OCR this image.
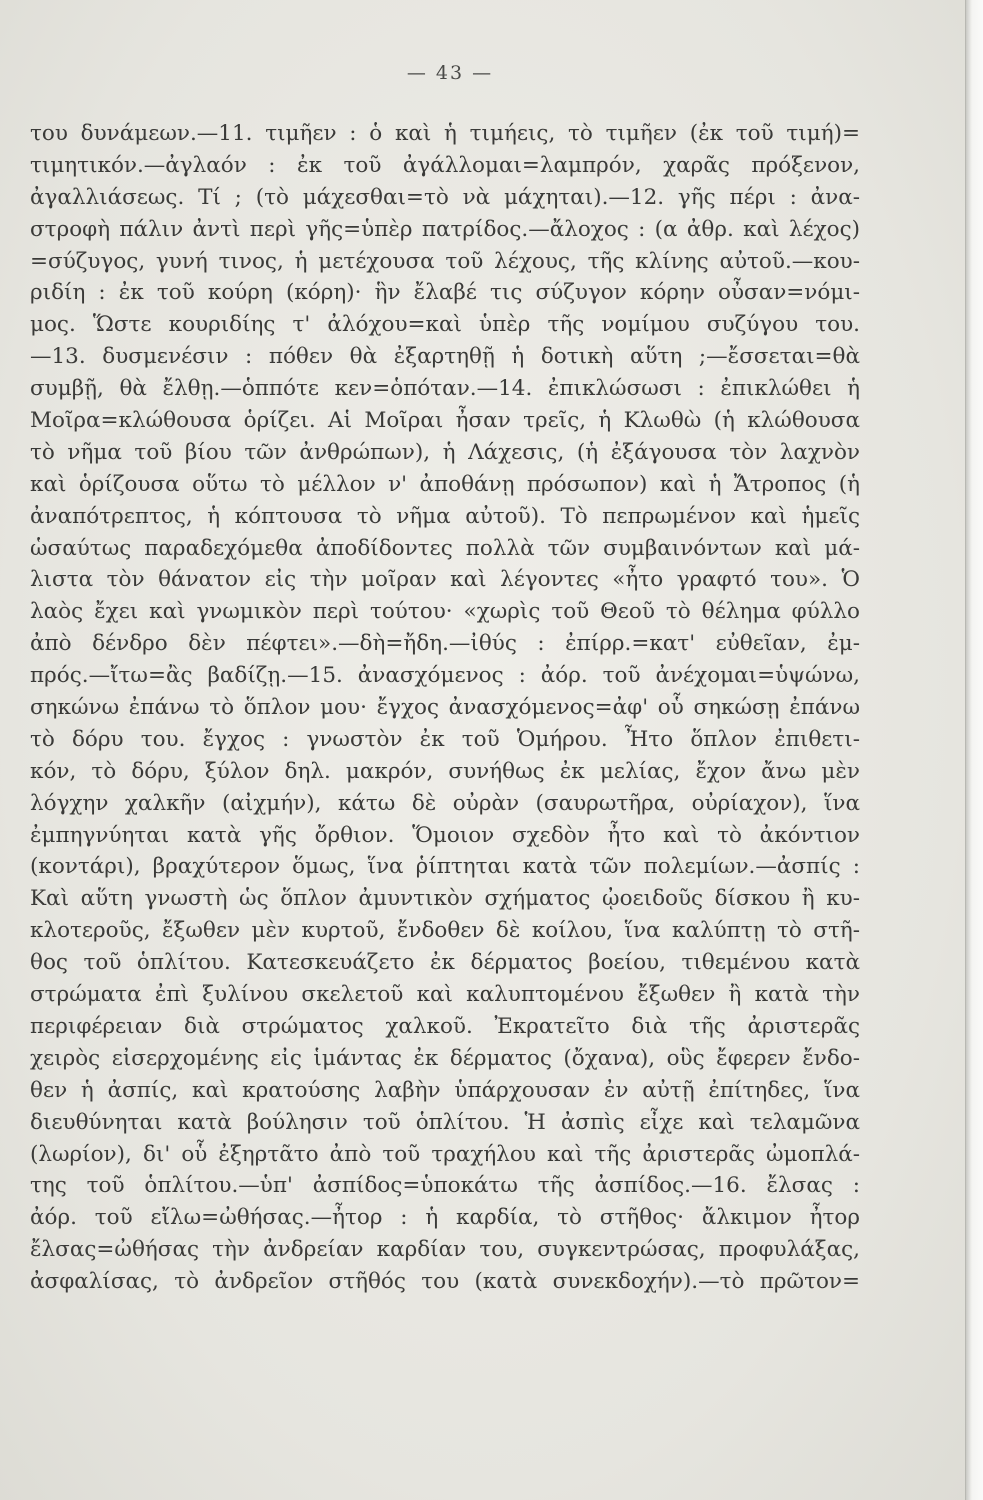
— 43 —
του δυνάμεων.—11. τιμῆεν : ὁ καὶ ἡ τιμήεις, τὸ τιμῆεν (ἐκ τοῦ τιμή)=
τιμητικόν.—ἀγλαόν : ἐκ τοῦ ἀγάλλομαι=λαμπρόν, χαρᾶς πρόξενον,
ἀγαλλιάσεως. Τί ; (τὸ μάχεσθαι=τὸ νὰ μάχηται).—12. γῆς πέρι : ἀνα-
στροφὴ πάλιν ἀντὶ περὶ γῆς=ὑπὲρ πατρίδος.—ἄλοχος : (α ἀθρ. καὶ λέχος)
=σύζυγος, γυνή τινος, ἡ μετέχουσα τοῦ λέχους, τῆς κλίνης αὐτοῦ.—κου-
ριδίη : ἐκ τοῦ κούρη (κόρη)· ἣν ἔλαβέ τις σύζυγον κόρην οὖσαν=νόμι-
μος. Ὥστε κουριδίης τ' ἀλόχου=καὶ ὑπὲρ τῆς νομίμου συζύγου του.
—13. δυσμενέσιν : πόθεν θὰ ἐξαρτηθῇ ἡ δοτικὴ αὕτη ;—ἔσσεται=θὰ
συμβῇ, θὰ ἔλθῃ.—ὁππότε κεν=ὁπόταν.—14. ἐπικλώσωσι : ἐπικλώθει ἡ
Μοῖρα=κλώθουσα ὁρίζει. Αἱ Μοῖραι ἦσαν τρεῖς, ἡ Κλωθὼ (ἡ κλώθουσα
τὸ νῆμα τοῦ βίου τῶν ἀνθρώπων), ἡ Λάχεσις, (ἡ ἐξάγουσα τὸν λαχνὸν
καὶ ὁρίζουσα οὕτω τὸ μέλλον ν' ἀποθάνῃ πρόσωπον) καὶ ἡ Ἄτροπος (ἡ
ἀναπότρεπτος, ἡ κόπτουσα τὸ νῆμα αὐτοῦ). Τὸ πεπρωμένον καὶ ἡμεῖς
ὡσαύτως παραδεχόμεθα ἀποδίδοντες πολλὰ τῶν συμβαινόντων καὶ μά-
λιστα τὸν θάνατον εἰς τὴν μοῖραν καὶ λέγοντες «ἦτο γραφτό του». Ὁ
λαὸς ἔχει καὶ γνωμικὸν περὶ τούτου· «χωρὶς τοῦ Θεοῦ τὸ θέλημα φύλλο
ἀπὸ δένδρο δὲν πέφτει».—δὴ=ἤδη.—ἰθύς : ἐπίρρ.=κατ' εὐθεῖαν, ἐμ-
πρός.—ἴτω=ἂς βαδίζῃ.—15. ἀνασχόμενος : ἀόρ. τοῦ ἀνέχομαι=ὑψώνω,
σηκώνω ἐπάνω τὸ ὅπλον μου· ἔγχος ἀνασχόμενος=ἀφ' οὗ σηκώσῃ ἐπάνω
τὸ δόρυ του. ἔγχος : γνωστὸν ἐκ τοῦ Ὁμήρου. Ἦτο ὅπλον ἐπιθετι-
κόν, τὸ δόρυ, ξύλον δηλ. μακρόν, συνήθως ἐκ μελίας, ἔχον ἄνω μὲν
λόγχην χαλκῆν (αἰχμήν), κάτω δὲ οὐρὰν (σαυρωτῆρα, οὐρίαχον), ἵνα
ἐμπηγνύηται κατὰ γῆς ὄρθιον. Ὅμοιον σχεδὸν ἦτο καὶ τὸ ἀκόντιον
(κοντάρι), βραχύτερον ὅμως, ἵνα ῥίπτηται κατὰ τῶν πολεμίων.—ἀσπίς :
Καὶ αὕτη γνωστὴ ὡς ὅπλον ἀμυντικὸν σχήματος ᾠοειδοῦς δίσκου ἢ κυ-
κλοτεροῦς, ἔξωθεν μὲν κυρτοῦ, ἔνδοθεν δὲ κοίλου, ἵνα καλύπτῃ τὸ στῆ-
θος τοῦ ὁπλίτου. Κατεσκευάζετο ἐκ δέρματος βοείου, τιθεμένου κατὰ
στρώματα ἐπὶ ξυλίνου σκελετοῦ καὶ καλυπτομένου ἔξωθεν ἢ κατὰ τὴν
περιφέρειαν διὰ στρώματος χαλκοῦ. Ἐκρατεῖτο διὰ τῆς ἀριστερᾶς
χειρὸς εἰσερχομένης εἰς ἱμάντας ἐκ δέρματος (ὄχανα), οὓς ἔφερεν ἔνδο-
θεν ἡ ἀσπίς, καὶ κρατούσης λαβὴν ὑπάρχουσαν ἐν αὐτῇ ἐπίτηδες, ἵνα
διευθύνηται κατὰ βούλησιν τοῦ ὁπλίτου. Ἡ ἀσπὶς εἶχε καὶ τελαμῶνα
(λωρίον), δι' οὗ ἐξηρτᾶτο ἀπὸ τοῦ τραχήλου καὶ τῆς ἀριστερᾶς ὠμοπλά-
της τοῦ ὁπλίτου.—ὑπ' ἀσπίδος=ὑποκάτω τῆς ἀσπίδος.—16. ἔλσας :
ἀόρ. τοῦ εἴλω=ὠθήσας.—ἦτορ : ἡ καρδία, τὸ στῆθος· ἄλκιμον ἦτορ
ἔλσας=ὠθήσας τὴν ἀνδρείαν καρδίαν του, συγκεντρώσας, προφυλάξας,
ἀσφαλίσας, τὸ ἀνδρεῖον στῆθός του (κατὰ συνεκδοχήν).—τὸ πρῶτον=
